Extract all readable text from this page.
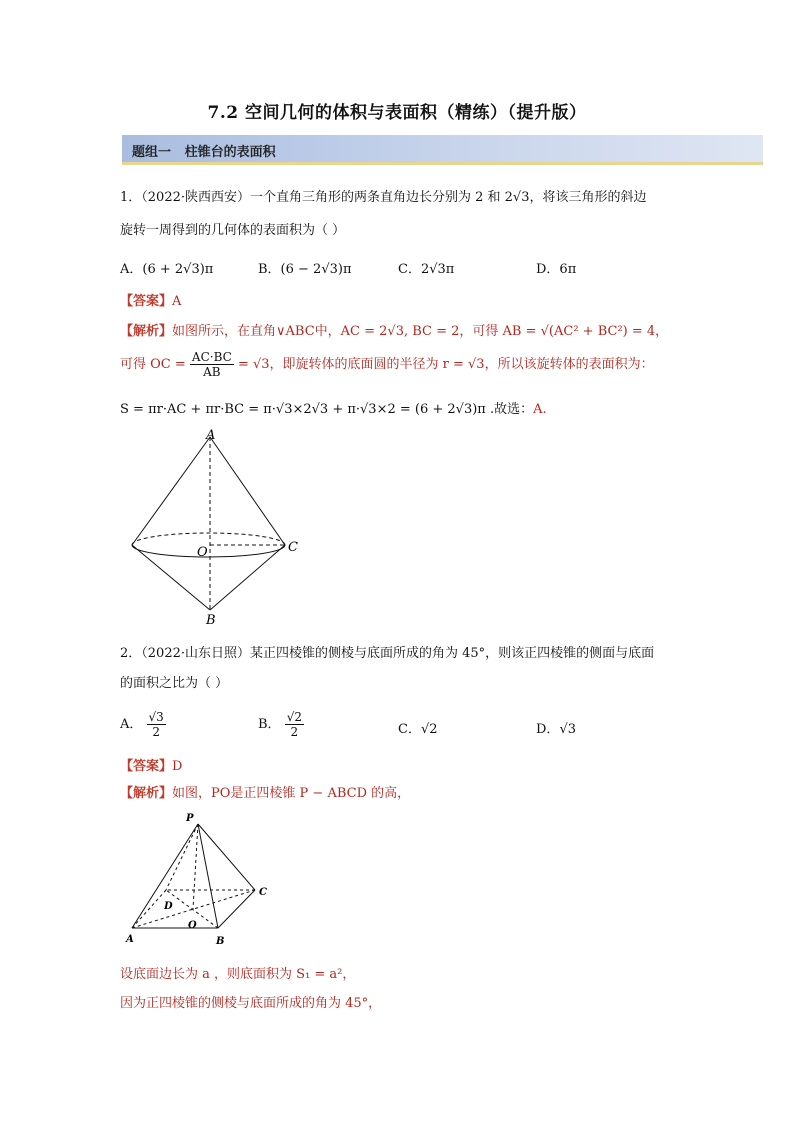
7.2 空间几何的体积与表面积（精练）（提升版）
题组一   柱锥台的表面积
1．（2022·陕西西安）一个直角三角形的两条直角边长分别为 2 和 2√3，将该三角形的斜边
旋转一周得到的几何体的表面积为（ ）
A．(6 + 2√3)π	B．(6 − 2√3)π	C．2√3π	D．6π
【答案】A
【解析】如图所示，在直角∨ABC中，AC = 2√3, BC = 2，可得 AB = √(AC² + BC²) = 4，
可得 OC = $\frac{AC\cdot BC}{AB} = √3$，即旋转体的底面圆的半径为 r = √3，所以该旋转体的表面积为：
S = πr·AC + πr·BC = π·√3×2√3 + π·√3×2 = (6 + 2√3)π .故选：A.
A
O	C
B
2．（2022·山东日照）某正四棱锥的侧棱与底面所成的角为 45°，则该正四棱锥的侧面与底面
的面积之比为（ ）
A． $\frac{√3}{2}$	B． $\frac{√2}{2}$	C．√2	D．√3
【答案】D
【解析】如图，PO是正四棱锥 P − ABCD 的高，
P
A	B
C
D
O
设底面边长为 a ，则底面积为 S₁ = a²，
因为正四棱锥的侧棱与底面所成的角为 45°，
